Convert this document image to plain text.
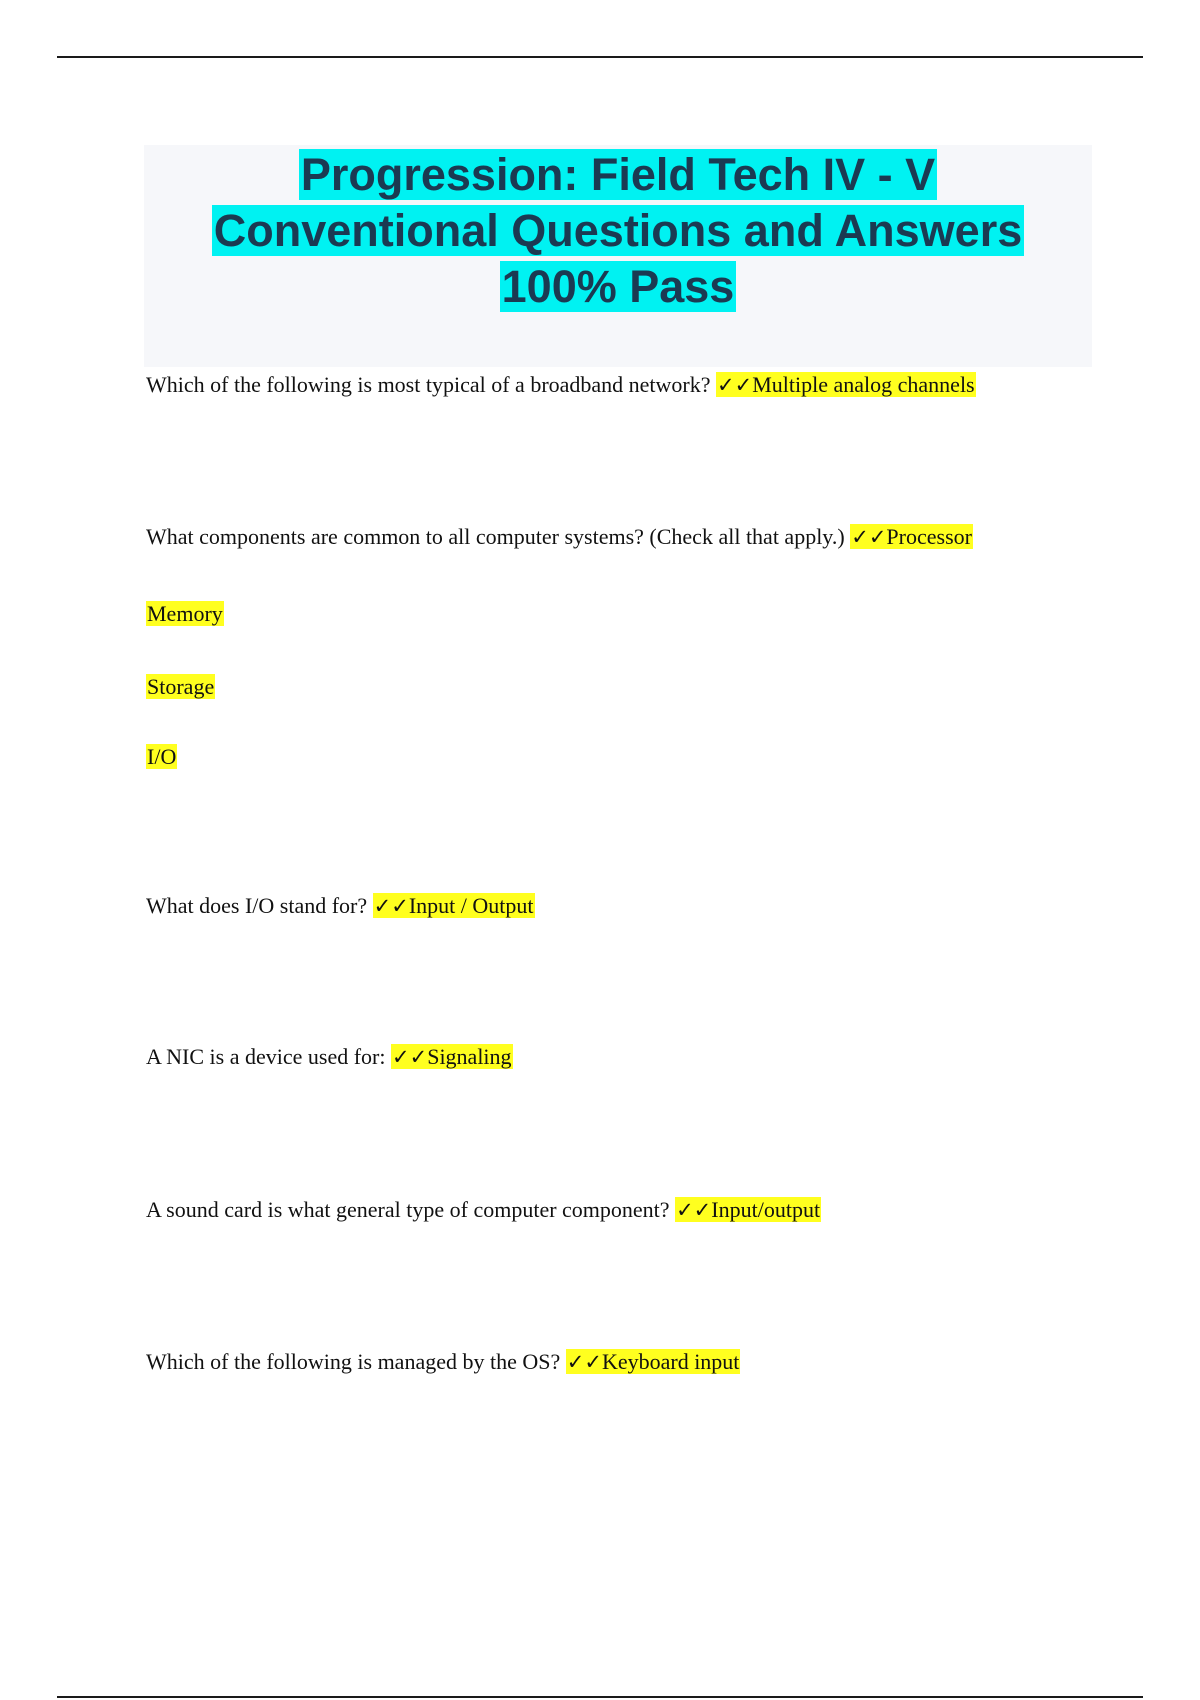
Progression: Field Tech IV - V
Conventional Questions and Answers
100% Pass
Which of the following is most typical of a broadband network? ✓✓Multiple analog channels
What components are common to all computer systems? (Check all that apply.) ✓✓Processor
Memory
Storage
I/O
What does I/O stand for? ✓✓Input / Output
A NIC is a device used for: ✓✓Signaling
A sound card is what general type of computer component? ✓✓Input/output
Which of the following is managed by the OS? ✓✓Keyboard input
